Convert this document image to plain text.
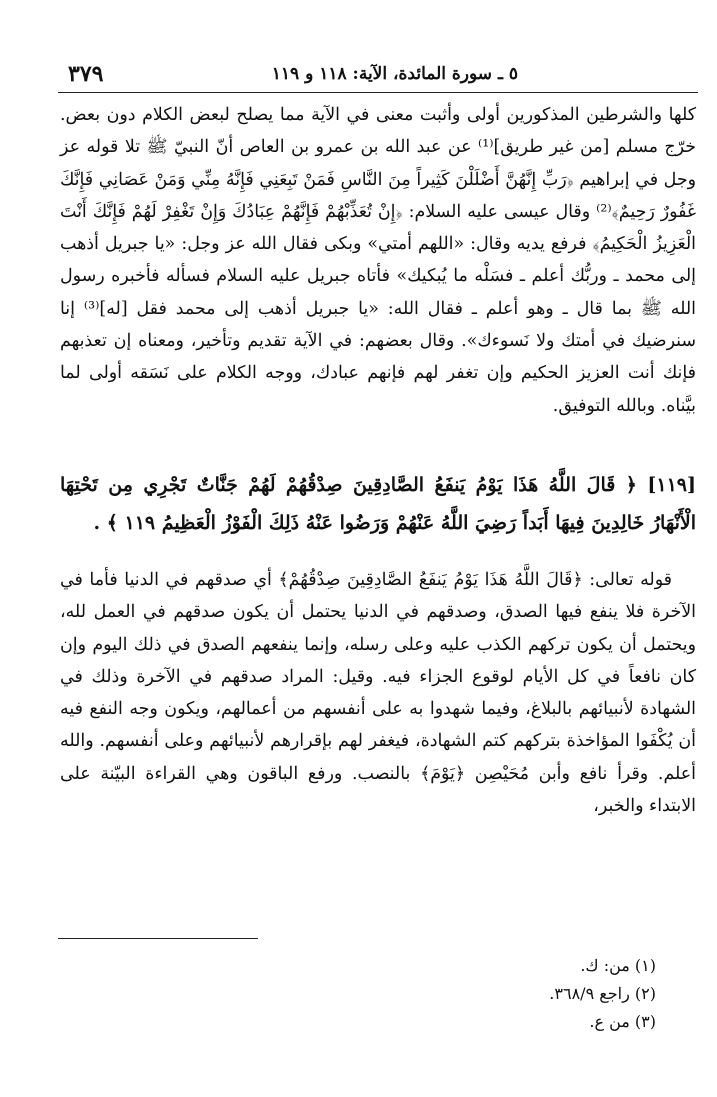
٥ ـ سورة المائدة، الآية: ١١٨ و ١١٩
٣٧٩

كلها والشرطين المذكورين أولى وأثبت معنى في الآية مما يصلح لبعض الكلام دون بعض. خرّج مسلم [من غير طريق]⁽¹⁾ عن عبد الله بن عمرو بن العاص أنّ النبيّ ﷺ تلا قوله عز وجل في إبراهيم ﴿رَبِّ إِنَّهُنَّ أَضْلَلْنَ كَثِيراً مِنَ النَّاسِ فَمَنْ تَبِعَنِي فَإِنَّهُ مِنِّي وَمَنْ عَصَانِي فَإِنَّكَ غَفُورٌ رَحِيمٌ﴾⁽²⁾ وقال عيسى عليه السلام: ﴿إِنْ تُعَذِّبْهُمْ فَإِنَّهُمْ عِبَادُكَ وَإِنْ تَغْفِرْ لَهُمْ فَإِنَّكَ أَنْتَ الْعَزِيزُ الْحَكِيمُ﴾ فرفع يديه وقال: «اللهم أمتي» وبكى فقال الله عز وجل: «يا جبريل أذهب إلى محمد ـ وربُّك أعلم ـ فسَلْه ما يُبكيك» فأتاه جبريل عليه السلام فسأله فأخبره رسول الله ﷺ بما قال ـ وهو أعلم ـ فقال الله: «يا جبريل أذهب إلى محمد فقل [له]⁽³⁾ إنا سنرضيك في أمتك ولا نَسوءك». وقال بعضهم: في الآية تقديم وتأخير، ومعناه إن تعذبهم فإنك أنت العزيز الحكيم وإن تغفر لهم فإنهم عبادك، ووجه الكلام على نَسَقه أولى لما بيَّناه. وبالله التوفيق.

[١١٩] ﴿ قَالَ اللَّهُ هَذَا يَوْمُ يَنفَعُ الصَّادِقِينَ صِدْقُهُمْ لَهُمْ جَنَّاتٌ تَجْرِي مِن تَحْتِهَا الْأَنْهَارُ خَالِدِينَ فِيهَا أَبَداً رَضِيَ اللَّهُ عَنْهُمْ وَرَضُوا عَنْهُ ذَلِكَ الْفَوْزُ الْعَظِيمُ ١١٩ ﴾ .

قوله تعالى: ﴿قَالَ اللَّهُ هَذَا يَوْمُ يَنفَعُ الصَّادِقِينَ صِدْقُهُمْ﴾ أي صدقهم في الدنيا فأما في الآخرة فلا ينفع فيها الصدق، وصدقهم في الدنيا يحتمل أن يكون صدقهم في العمل لله، ويحتمل أن يكون تركهم الكذب عليه وعلى رسله، وإنما ينفعهم الصدق في ذلك اليوم وإن كان نافعاً في كل الأيام لوقوع الجزاء فيه. وقيل: المراد صدقهم في الآخرة وذلك في الشهادة لأنبيائهم بالبلاغ، وفيما شهدوا به على أنفسهم من أعمالهم، ويكون وجه النفع فيه أن يُكْفَوا المؤاخذة بتركهم كتم الشهادة، فيغفر لهم بإقرارهم لأنبيائهم وعلى أنفسهم. والله أعلم. وقرأ نافع وأبن مُحَيْصِن ﴿يَوْمَ﴾ بالنصب. ورفع الباقون وهي القراءة البيّنة على الابتداء والخبر،

(١) من: ك.
(٢) راجع ٣٦٨/٩.
(٣) من ع.
